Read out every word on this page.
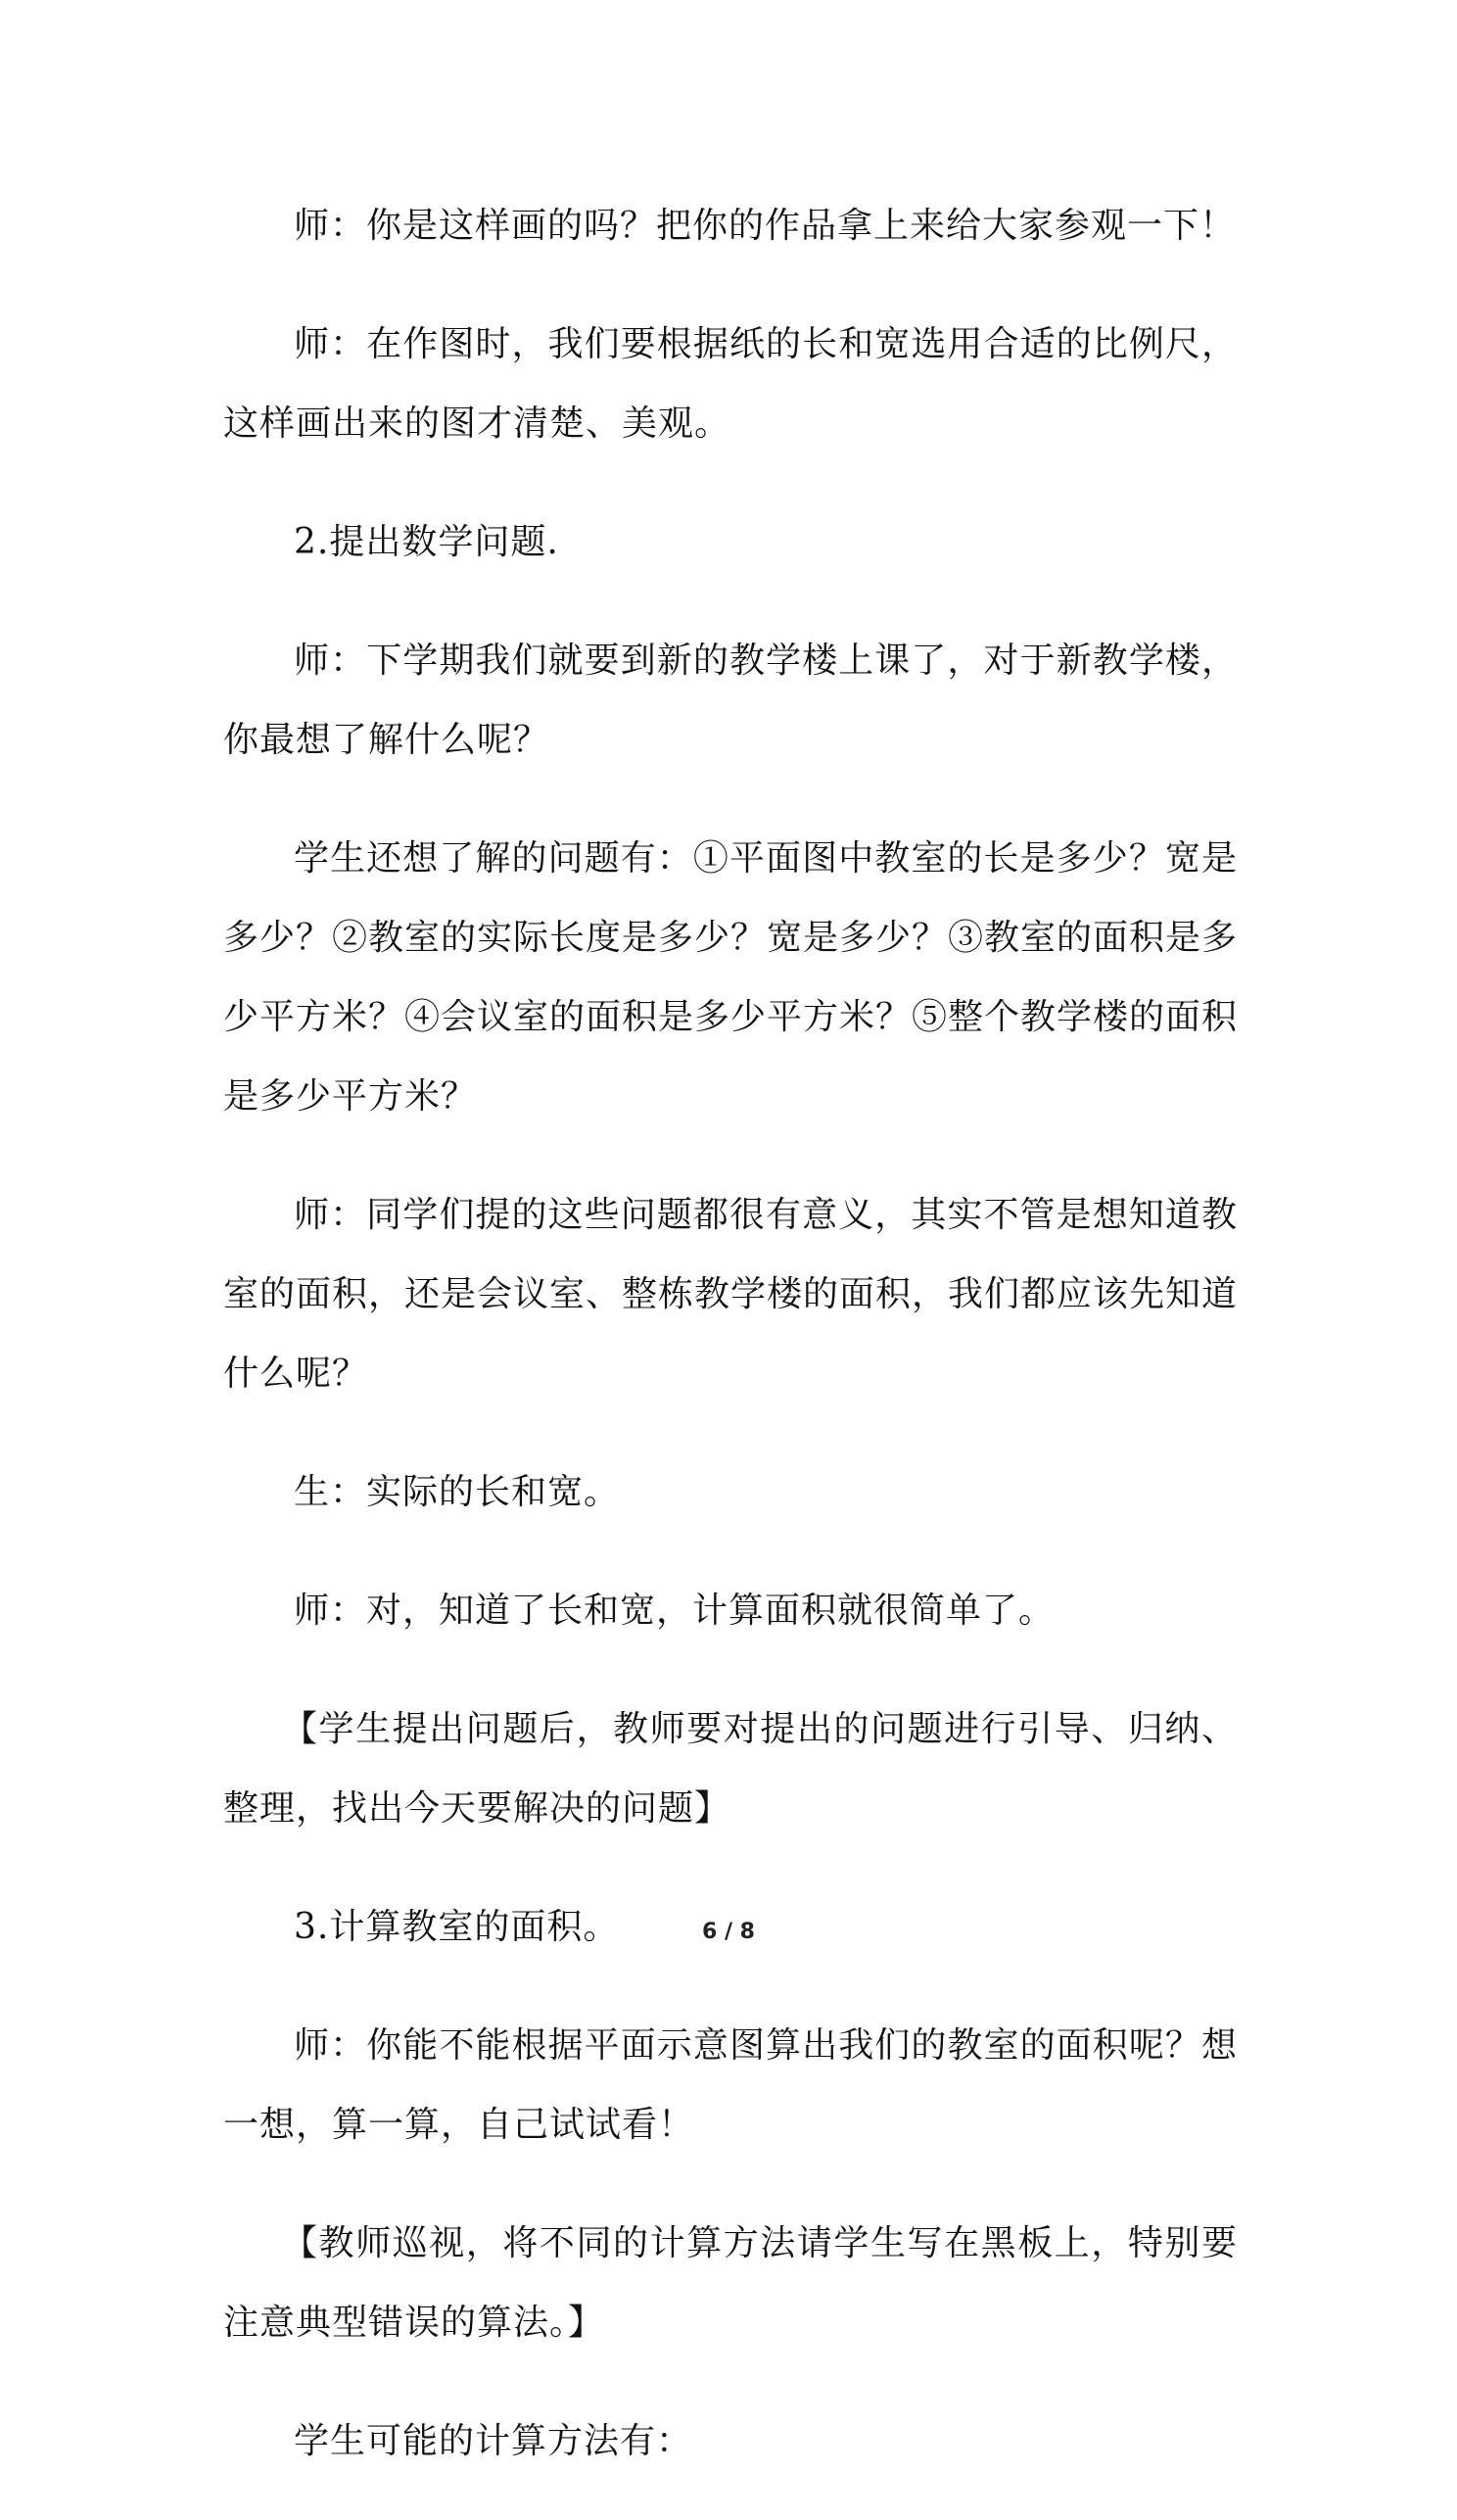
师：你是这样画的吗？把你的作品拿上来给大家参观一下！

师：在作图时，我们要根据纸的长和宽选用合适的比例尺，这样画出来的图才清楚、美观。

2.提出数学问题.

师：下学期我们就要到新的教学楼上课了，对于新教学楼，你最想了解什么呢？

学生还想了解的问题有：①平面图中教室的长是多少？宽是多少？②教室的实际长度是多少？宽是多少？③教室的面积是多少平方米？④会议室的面积是多少平方米？⑤整个教学楼的面积是多少平方米？

师：同学们提的这些问题都很有意义，其实不管是想知道教室的面积，还是会议室、整栋教学楼的面积，我们都应该先知道什么呢？

生：实际的长和宽。

师：对，知道了长和宽，计算面积就很简单了。

【学生提出问题后，教师要对提出的问题进行引导、归纳、整理，找出今天要解决的问题】

3.计算教室的面积。

师：你能不能根据平面示意图算出我们的教室的面积呢？想一想，算一算，自己试试看！

【教师巡视，将不同的计算方法请学生写在黑板上，特别要注意典型错误的算法。】

学生可能的计算方法有：

6 / 8
